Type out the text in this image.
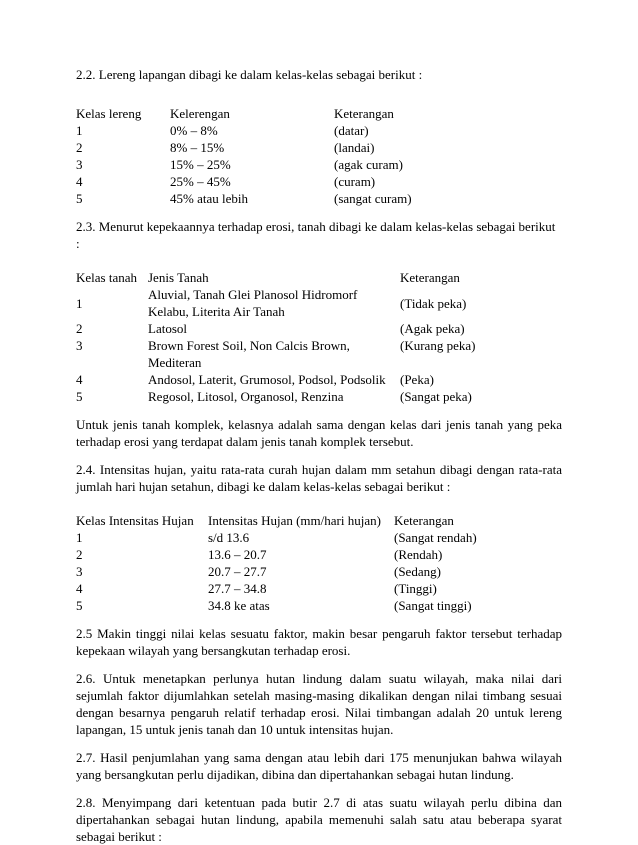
2.2. Lereng lapangan dibagi ke dalam kelas-kelas sebagai berikut :

Kelas lereng	Kelerengan	Keterangan
1	0% – 8%	(datar)
2	8% – 15%	(landai)
3	15% – 25%	(agak curam)
4	25% – 45%	(curam)
5	45% atau lebih	(sangat curam)

2.3. Menurut kepekaannya terhadap erosi, tanah dibagi ke dalam kelas-kelas sebagai berikut :

Kelas tanah	Jenis Tanah	Keterangan
1	Aluvial, Tanah Glei Planosol Hidromorf Kelabu, Literita Air Tanah	(Tidak peka)
2	Latosol	(Agak peka)
3	Brown Forest Soil, Non Calcis Brown, Mediteran	(Kurang peka)
4	Andosol, Laterit, Grumosol, Podsol, Podsolik	(Peka)
5	Regosol, Litosol, Organosol, Renzina	(Sangat peka)

Untuk jenis tanah komplek, kelasnya adalah sama dengan kelas dari jenis tanah yang peka terhadap erosi yang terdapat dalam jenis tanah komplek tersebut.

2.4. Intensitas hujan, yaitu rata-rata curah hujan dalam mm setahun dibagi dengan rata-rata jumlah hari hujan setahun, dibagi ke dalam kelas-kelas sebagai berikut :

Kelas Intensitas Hujan	Intensitas Hujan (mm/hari hujan)	Keterangan
1	s/d 13.6	(Sangat rendah)
2	13.6 – 20.7	(Rendah)
3	20.7 – 27.7	(Sedang)
4	27.7 – 34.8	(Tinggi)
5	34.8 ke atas	(Sangat tinggi)

2.5 Makin tinggi nilai kelas sesuatu faktor, makin besar pengaruh faktor tersebut terhadap kepekaan wilayah yang bersangkutan terhadap erosi.

2.6. Untuk menetapkan perlunya hutan lindung dalam suatu wilayah, maka nilai dari sejumlah faktor dijumlahkan setelah masing-masing dikalikan dengan nilai timbang sesuai dengan besarnya pengaruh relatif terhadap erosi. Nilai timbangan adalah 20 untuk lereng lapangan, 15 untuk jenis tanah dan 10 untuk intensitas hujan.

2.7. Hasil penjumlahan yang sama dengan atau lebih dari 175 menunjukan bahwa wilayah yang bersangkutan perlu dijadikan, dibina dan dipertahankan sebagai hutan lindung.

2.8. Menyimpang dari ketentuan pada butir 2.7 di atas suatu wilayah perlu dibina dan dipertahankan sebagai hutan lindung, apabila memenuhi salah satu atau beberapa syarat sebagai berikut :
